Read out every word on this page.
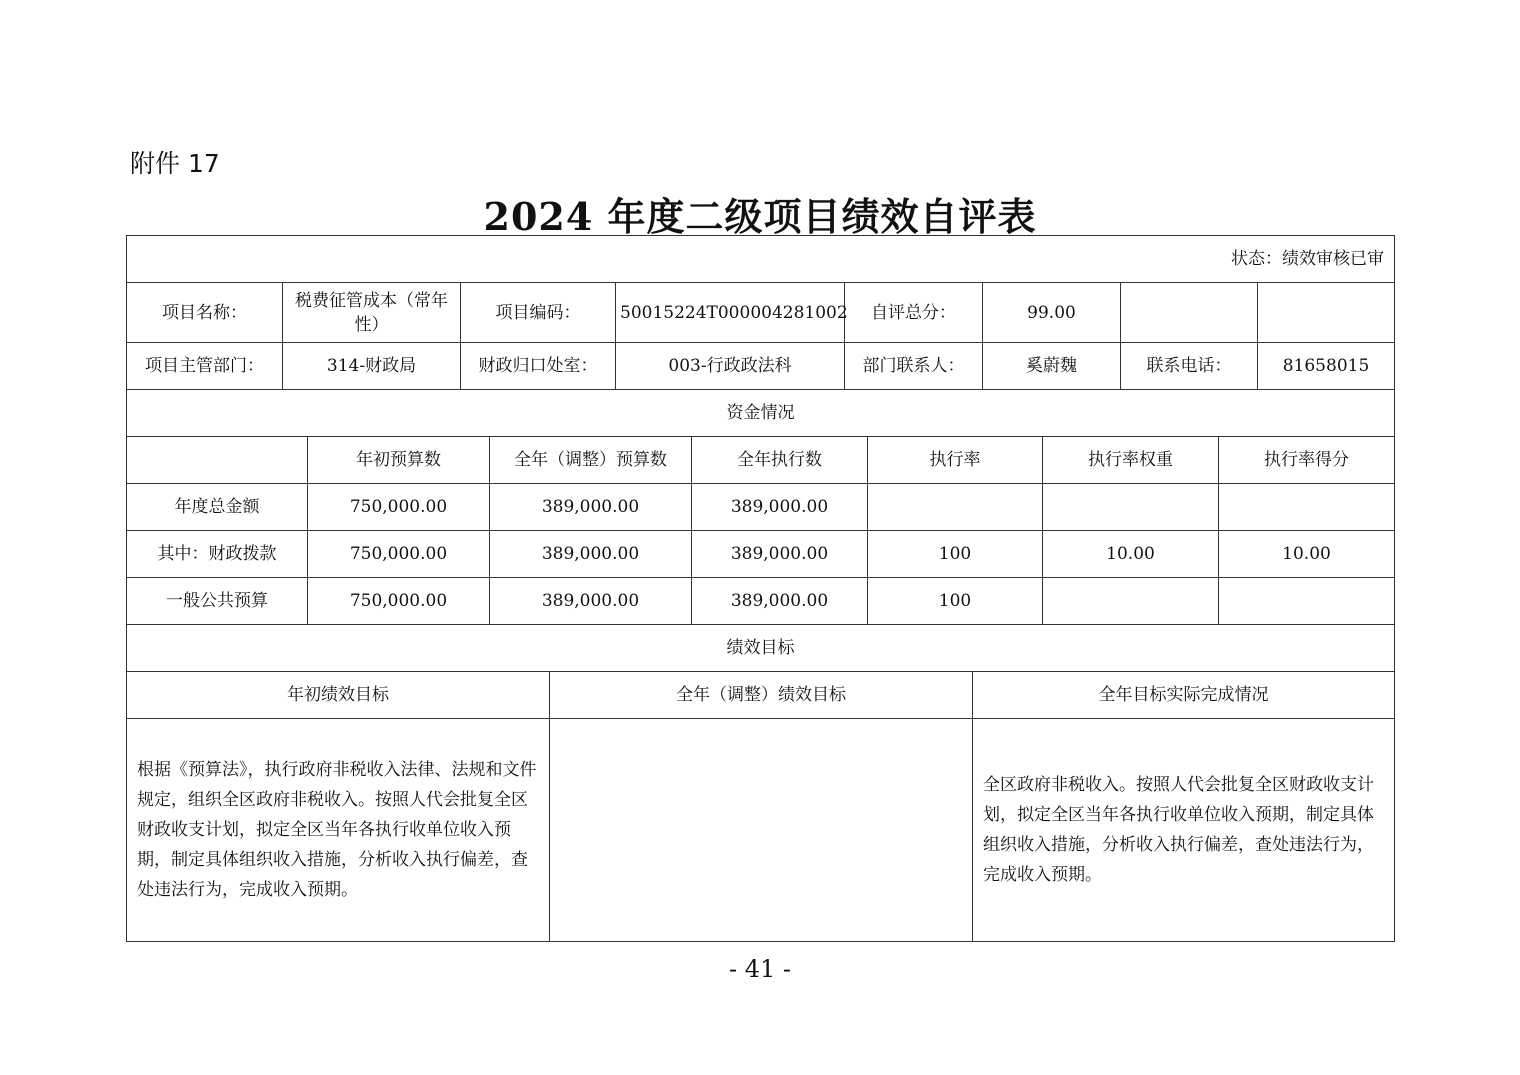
附件 17
2024 年度二级项目绩效自评表
状态：绩效审核已审							
项目名称：	税费征管成本（常年性）	项目编码：	50015224T000004281002	自评总分：	99.00		
项目主管部门：	314-财政局	财政归口处室：	003-行政政法科	部门联系人：	奚蔚魏	联系电话：	81658015
资金情况						
	年初预算数	全年（调整）预算数	全年执行数	执行率	执行率权重	执行率得分
年度总金额	750,000.00	389,000.00	389,000.00			
其中：财政拨款	750,000.00	389,000.00	389,000.00	100	10.00	10.00
一般公共预算	750,000.00	389,000.00	389,000.00	100		
绩效目标		
年初绩效目标	全年（调整）绩效目标	全年目标实际完成情况
根据《预算法》，执行政府非税收入法律、法规和文件规定，组织全区政府非税收入。按照人代会批复全区财政收支计划，拟定全区当年各执行收单位收入预期，制定具体组织收入措施，分析收入执行偏差，查处违法行为，完成收入预期。		全区政府非税收入。按照人代会批复全区财政收支计划，拟定全区当年各执行收单位收入预期，制定具体组织收入措施，分析收入执行偏差，查处违法行为，完成收入预期。
- 41 -
